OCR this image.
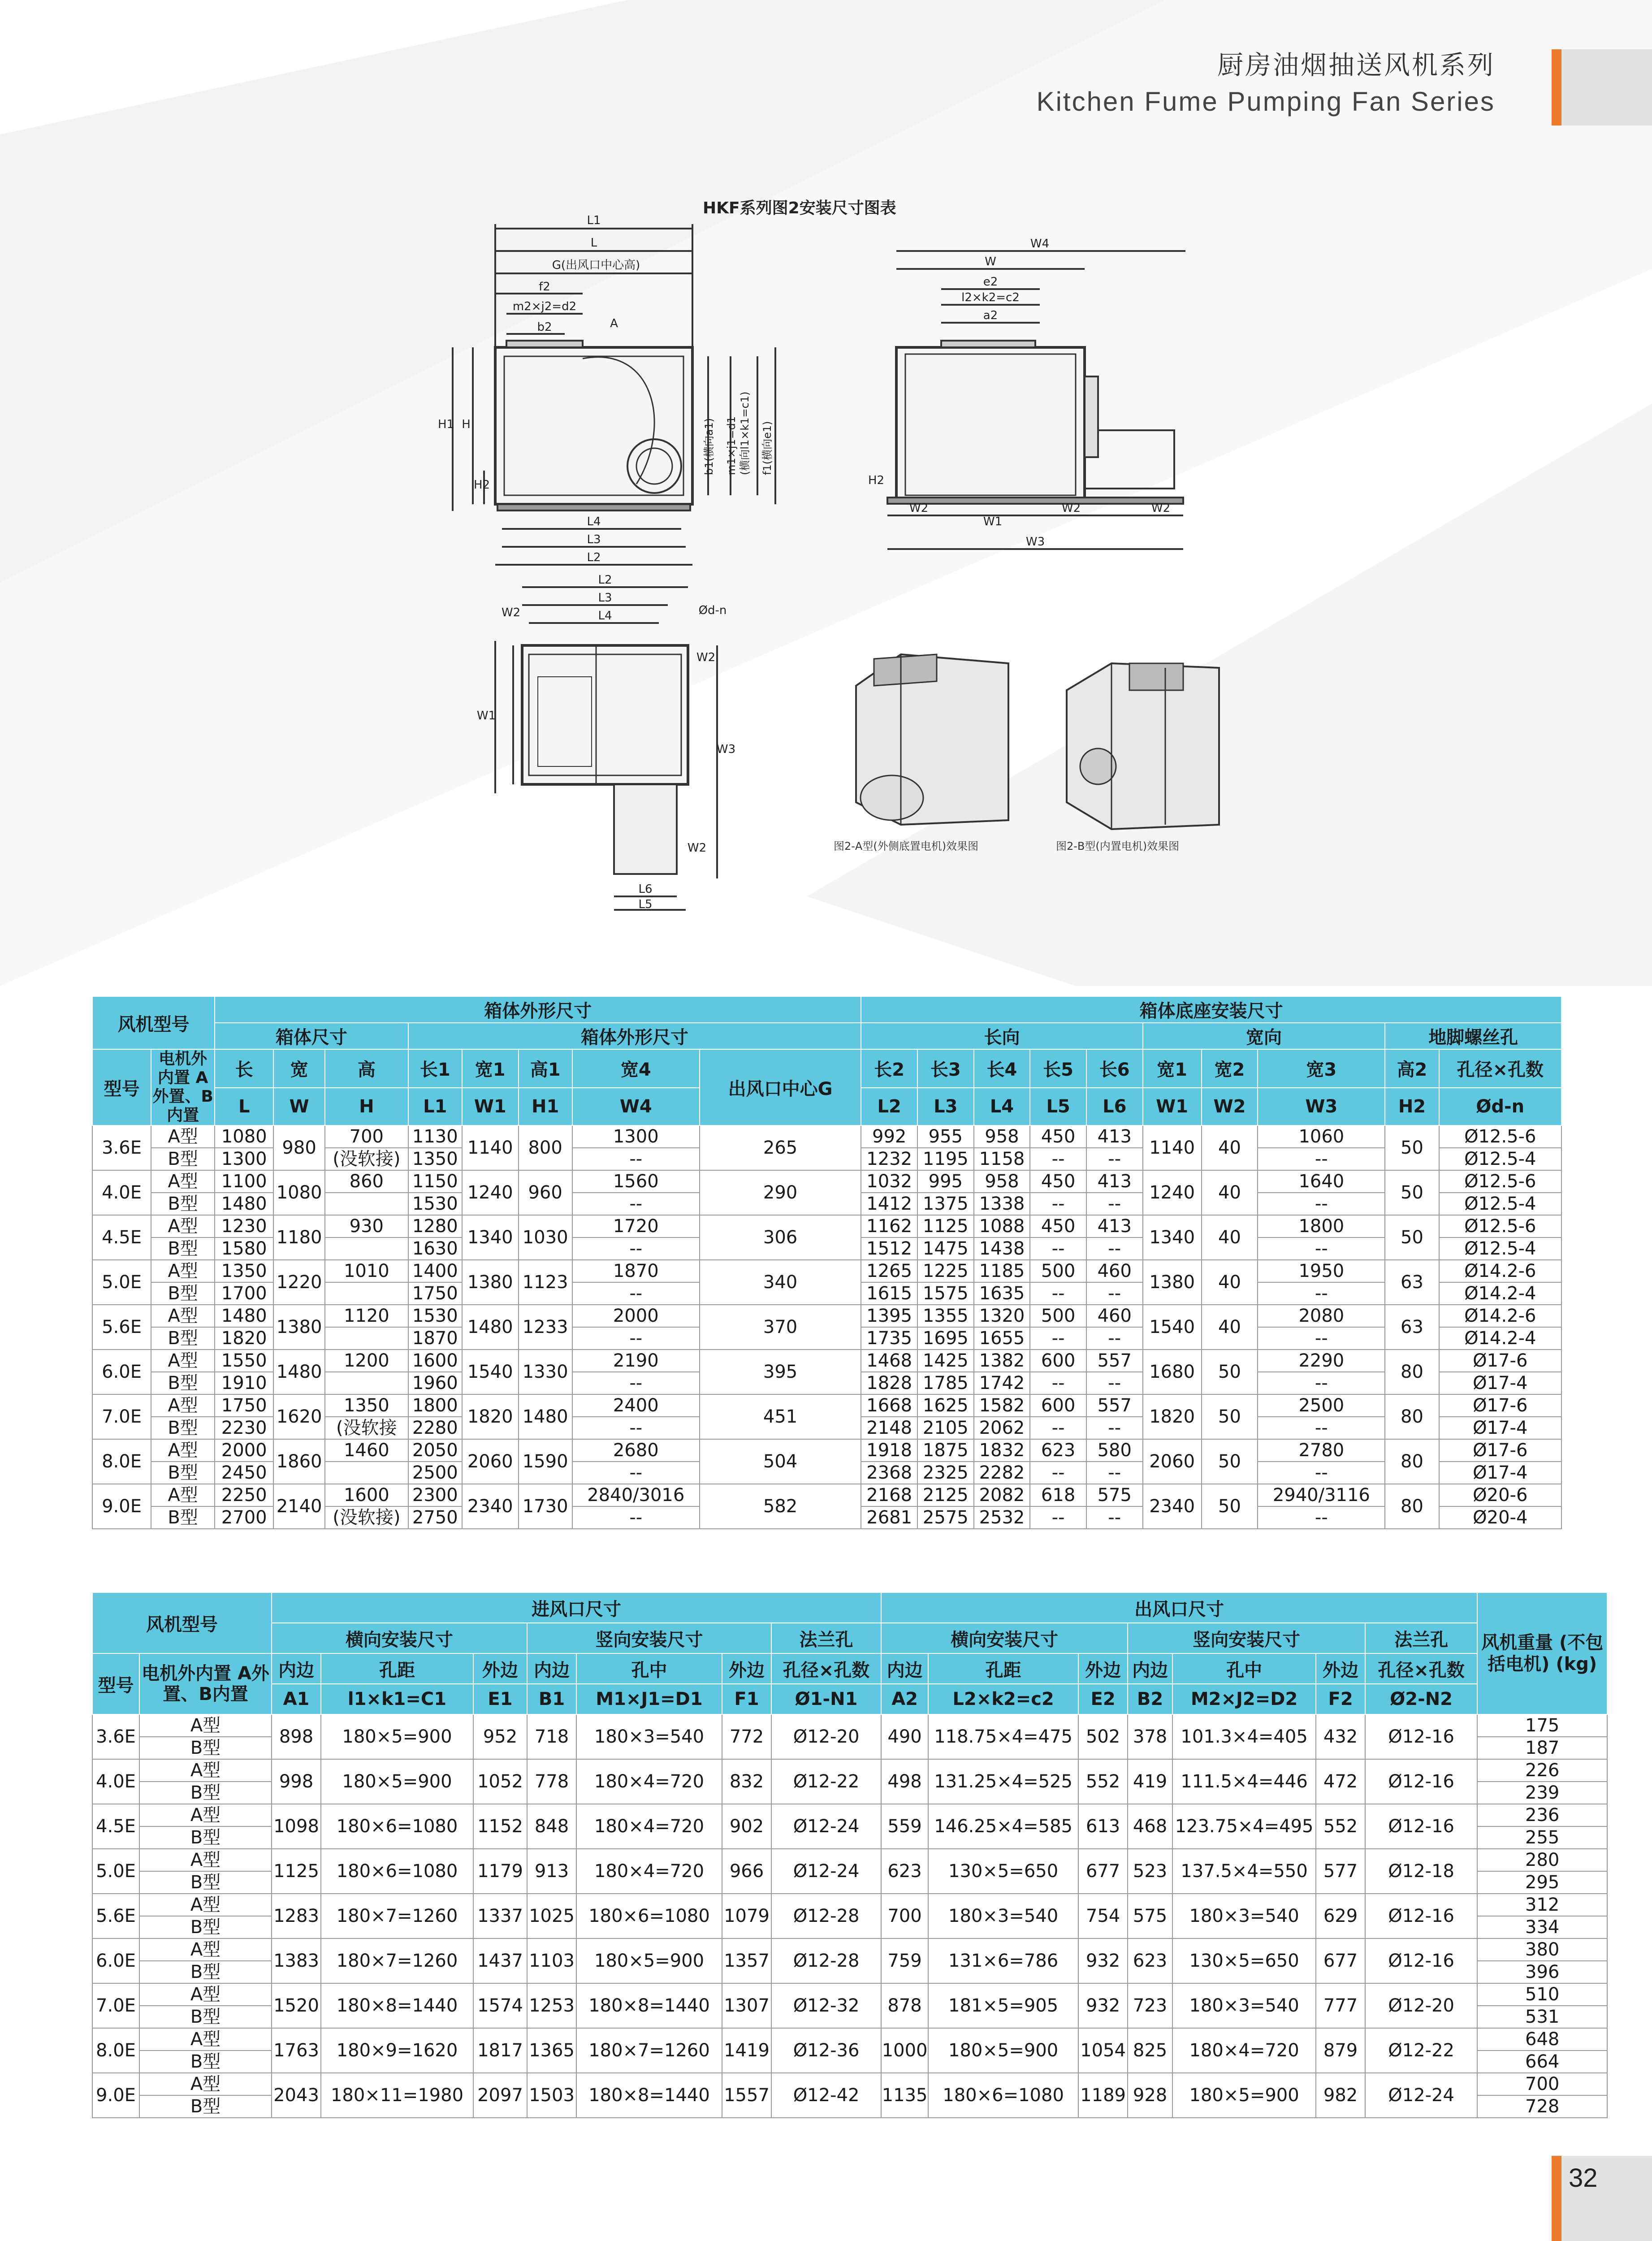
厨房油烟抽送风机系列
Kitchen Fume Pumping Fan Series
HKF系列图2安装尺寸图表
L1
L
G(出风口中心高)
f2
m2×j2=d2
b2	A
H1 H
H2
L4
L3
L2
W4
W
e2
l2×k2=c2
a2
H2
W2
W1
W2	W2
W3
L2
L3
L4
W2	Ød-n
W2
W1
W3
W2
L6
L5
b1(横向a1) m1×j1=d1 (横向l1×k1=c1) f1(横向e1)
图2-A型(外侧底置电机)效果图	图2-B型(内置电机)效果图
风机型号		箱体外形尺寸								箱体底座安装尺寸									
		箱体尺寸			箱体外形尺寸					长向					宽向			地脚螺丝孔	
型号	电机外内置 A外置、B内置	长	宽	高	长1	宽1	高1	宽4	出风口中心G	长2	长3	长4	长5	长6	宽1	宽2	宽3	高2	孔径×孔数
		L	W	H	L1	W1	H1	W4		L2	L3	L4	L5	L6	W1	W2	W3	H2	Ød-n
3.6E	A型	1080	980	700	1130	1140	800	1300	265	992	955	958	450	413	1140	40	1060	50	Ø12.5-6
	B型	1300		(没软接)	1350			--		1232	1195	1158	--	--			--		Ø12.5-4
4.0E	A型	1100	1080	860	1150	1240	960	1560	290	1032	995	958	450	413	1240	40	1640	50	Ø12.5-6
	B型	1480			1530			--		1412	1375	1338	--	--			--		Ø12.5-4
4.5E	A型	1230	1180	930	1280	1340	1030	1720	306	1162	1125	1088	450	413	1340	40	1800	50	Ø12.5-6
	B型	1580			1630			--		1512	1475	1438	--	--			--		Ø12.5-4
5.0E	A型	1350	1220	1010	1400	1380	1123	1870	340	1265	1225	1185	500	460	1380	40	1950	63	Ø14.2-6
	B型	1700			1750			--		1615	1575	1635	--	--			--		Ø14.2-4
5.6E	A型	1480	1380	1120	1530	1480	1233	2000	370	1395	1355	1320	500	460	1540	40	2080	63	Ø14.2-6
	B型	1820			1870			--		1735	1695	1655	--	--			--		Ø14.2-4
6.0E	A型	1550	1480	1200	1600	1540	1330	2190	395	1468	1425	1382	600	557	1680	50	2290	80	Ø17-6
	B型	1910			1960			--		1828	1785	1742	--	--			--		Ø17-4
7.0E	A型	1750	1620	1350	1800	1820	1480	2400	451	1668	1625	1582	600	557	1820	50	2500	80	Ø17-6
	B型	2230		(没软接	2280			--		2148	2105	2062	--	--			--		Ø17-4
8.0E	A型	2000	1860	1460	2050	2060	1590	2680	504	1918	1875	1832	623	580	2060	50	2780	80	Ø17-6
	B型	2450			2500			--		2368	2325	2282	--	--			--		Ø17-4
9.0E	A型	2250	2140	1600	2300	2340	1730	2840/3016	582	2168	2125	2082	618	575	2340	50	2940/3116	80	Ø20-6
	B型	2700		(没软接)	2750			--		2681	2575	2532	--	--			--		Ø20-4
风机型号		进风口尺寸							出风口尺寸							风机重量 (不包括电机) (kg)
		横向安装尺寸			竖向安装尺寸			法兰孔	横向安装尺寸			竖向安装尺寸			法兰孔	
型号	电机外内置 A外置、B内置	内边	孔距	外边	内边	孔中	外边	孔径×孔数	内边	孔距	外边	内边	孔中	外边	孔径×孔数	
		A1	l1×k1=C1	E1	B1	M1×J1=D1	F1	Ø1-N1	A2	L2×k2=c2	E2	B2	M2×J2=D2	F2	Ø2-N2	
3.6E	A型	898	180×5=900	952	718	180×3=540	772	Ø12-20	490	118.75×4=475	502	378	101.3×4=405	432	Ø12-16	175
	B型															187
4.0E	A型	998	180×5=900	1052	778	180×4=720	832	Ø12-22	498	131.25×4=525	552	419	111.5×4=446	472	Ø12-16	226
	B型															239
4.5E	A型	1098	180×6=1080	1152	848	180×4=720	902	Ø12-24	559	146.25×4=585	613	468	123.75×4=495	552	Ø12-16	236
	B型															255
5.0E	A型	1125	180×6=1080	1179	913	180×4=720	966	Ø12-24	623	130×5=650	677	523	137.5×4=550	577	Ø12-18	280
	B型															295
5.6E	A型	1283	180×7=1260	1337	1025	180×6=1080	1079	Ø12-28	700	180×3=540	754	575	180×3=540	629	Ø12-16	312
	B型															334
6.0E	A型	1383	180×7=1260	1437	1103	180×5=900	1357	Ø12-28	759	131×6=786	932	623	130×5=650	677	Ø12-16	380
	B型															396
7.0E	A型	1520	180×8=1440	1574	1253	180×8=1440	1307	Ø12-32	878	181×5=905	932	723	180×3=540	777	Ø12-20	510
	B型															531
8.0E	A型	1763	180×9=1620	1817	1365	180×7=1260	1419	Ø12-36	1000	180×5=900	1054	825	180×4=720	879	Ø12-22	648
	B型															664
9.0E	A型	2043	180×11=1980	2097	1503	180×8=1440	1557	Ø12-42	1135	180×6=1080	1189	928	180×5=900	982	Ø12-24	700
	B型															728
32
